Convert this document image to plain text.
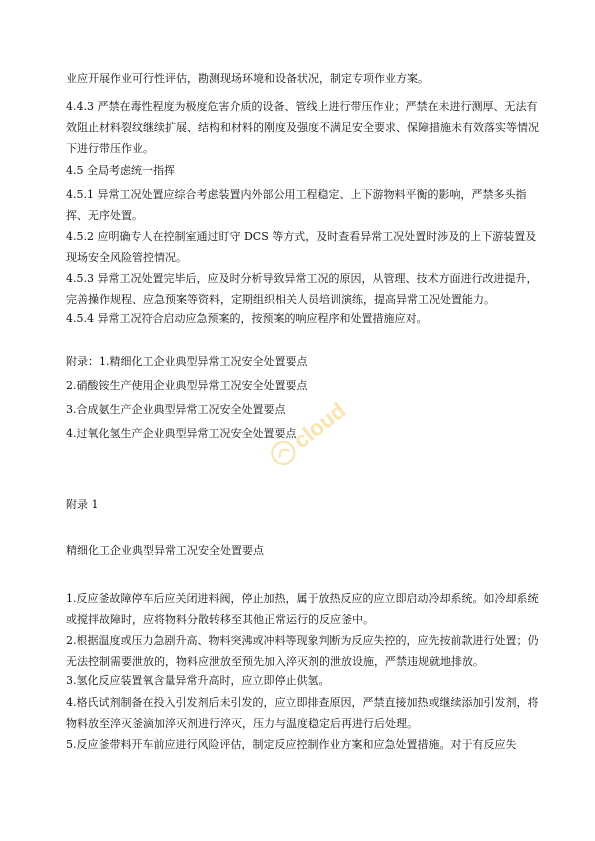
业应开展作业可行性评估，勘测现场环境和设备状况，制定专项作业方案。

4.4.3 严禁在毒性程度为极度危害介质的设备、管线上进行带压作业；严禁在未进行测厚、无法有效阻止材料裂纹继续扩展、结构和材料的刚度及强度不满足安全要求、保障措施未有效落实等情况下进行带压作业。

4.5 全局考虑统一指挥

4.5.1 异常工况处置应综合考虑装置内外部公用工程稳定、上下游物料平衡的影响，严禁多头指挥、无序处置。

4.5.2 应明确专人在控制室通过盯守 DCS 等方式，及时查看异常工况处置时涉及的上下游装置及现场安全风险管控情况。

4.5.3 异常工况处置完毕后，应及时分析导致异常工况的原因，从管理、技术方面进行改进提升，完善操作规程、应急预案等资料，定期组织相关人员培训演练，提高异常工况处置能力。

4.5.4 异常工况符合启动应急预案的，按预案的响应程序和处置措施应对。

附录：1.精细化工企业典型异常工况安全处置要点

2.硝酸铵生产使用企业典型异常工况安全处置要点

3.合成氨生产企业典型异常工况安全处置要点

4.过氧化氢生产企业典型异常工况安全处置要点

附录 1

精细化工企业典型异常工况安全处置要点

1.反应釜故障停车后应关闭进料阀，停止加热，属于放热反应的应立即启动冷却系统。如冷却系统或搅拌故障时，应将物料分散转移至其他正常运行的反应釜中。

2.根据温度或压力急剧升高、物料突沸或冲料等现象判断为反应失控的，应先按前款进行处置；仍无法控制需要泄放的，物料应泄放至预先加入淬灭剂的泄放设施，严禁违规就地排放。

3.氢化反应装置氧含量异常升高时，应立即停止供氢。

4.格氏试剂制备在投入引发剂后未引发的，应立即排查原因，严禁直接加热或继续添加引发剂，将物料放至淬灭釜滴加淬灭剂进行淬灭，压力与温度稳定后再进行后处理。

5.反应釜带料开车前应进行风险评估，制定反应控制作业方案和应急处置措施。对于有反应失

cloud
